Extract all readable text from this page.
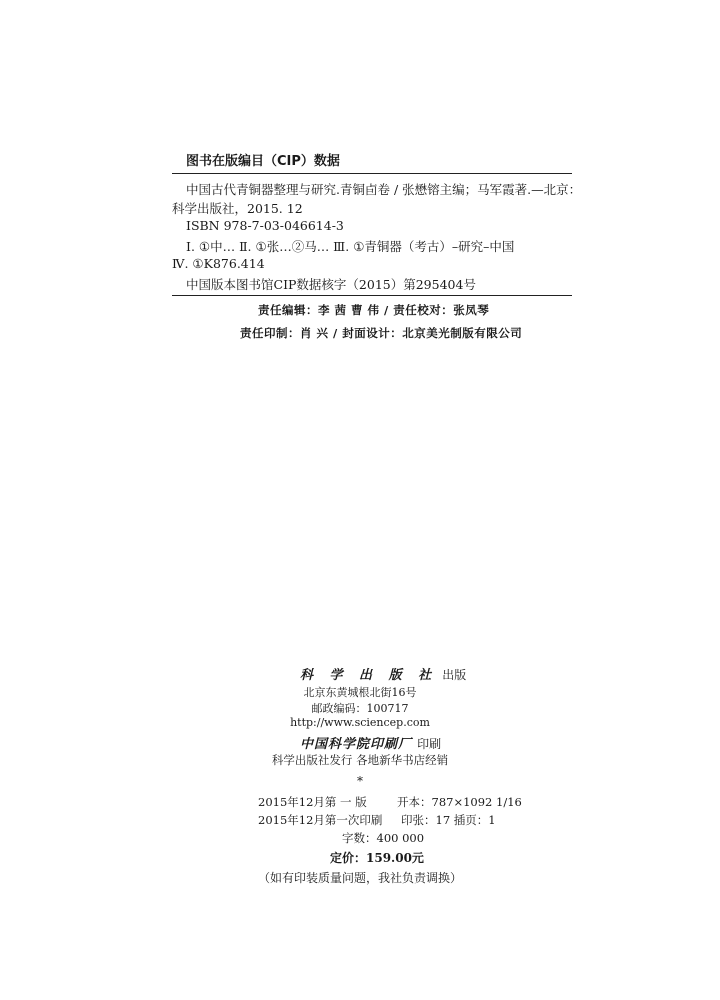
图书在版编目（CIP）数据
中国古代青铜器整理与研究.青铜卣卷 / 张懋镕主编；马军霞著.—北京：
科学出版社，2015. 12
ISBN 978-7-03-046614-3
Ⅰ. ①中… Ⅱ. ①张…②马… Ⅲ. ①青铜器（考古）–研究–中国
Ⅳ. ①K876.414
中国版本图书馆CIP数据核字（2015）第295404号
责任编辑：李 茜 曹 伟 / 责任校对：张凤琴
责任印制：肖 兴 / 封面设计：北京美光制版有限公司
科 学 出 版 社 出版
北京东黄城根北街16号
邮政编码：100717
http://www.sciencep.com
中国科学院印刷厂 印刷
科学出版社发行 各地新华书店经销
*
2015年12月第 一 版	开本：787×1092 1/16
2015年12月第一次印刷 印张：17 插页：1
字数：400 000
定价：159.00元
（如有印装质量问题，我社负责调换）
